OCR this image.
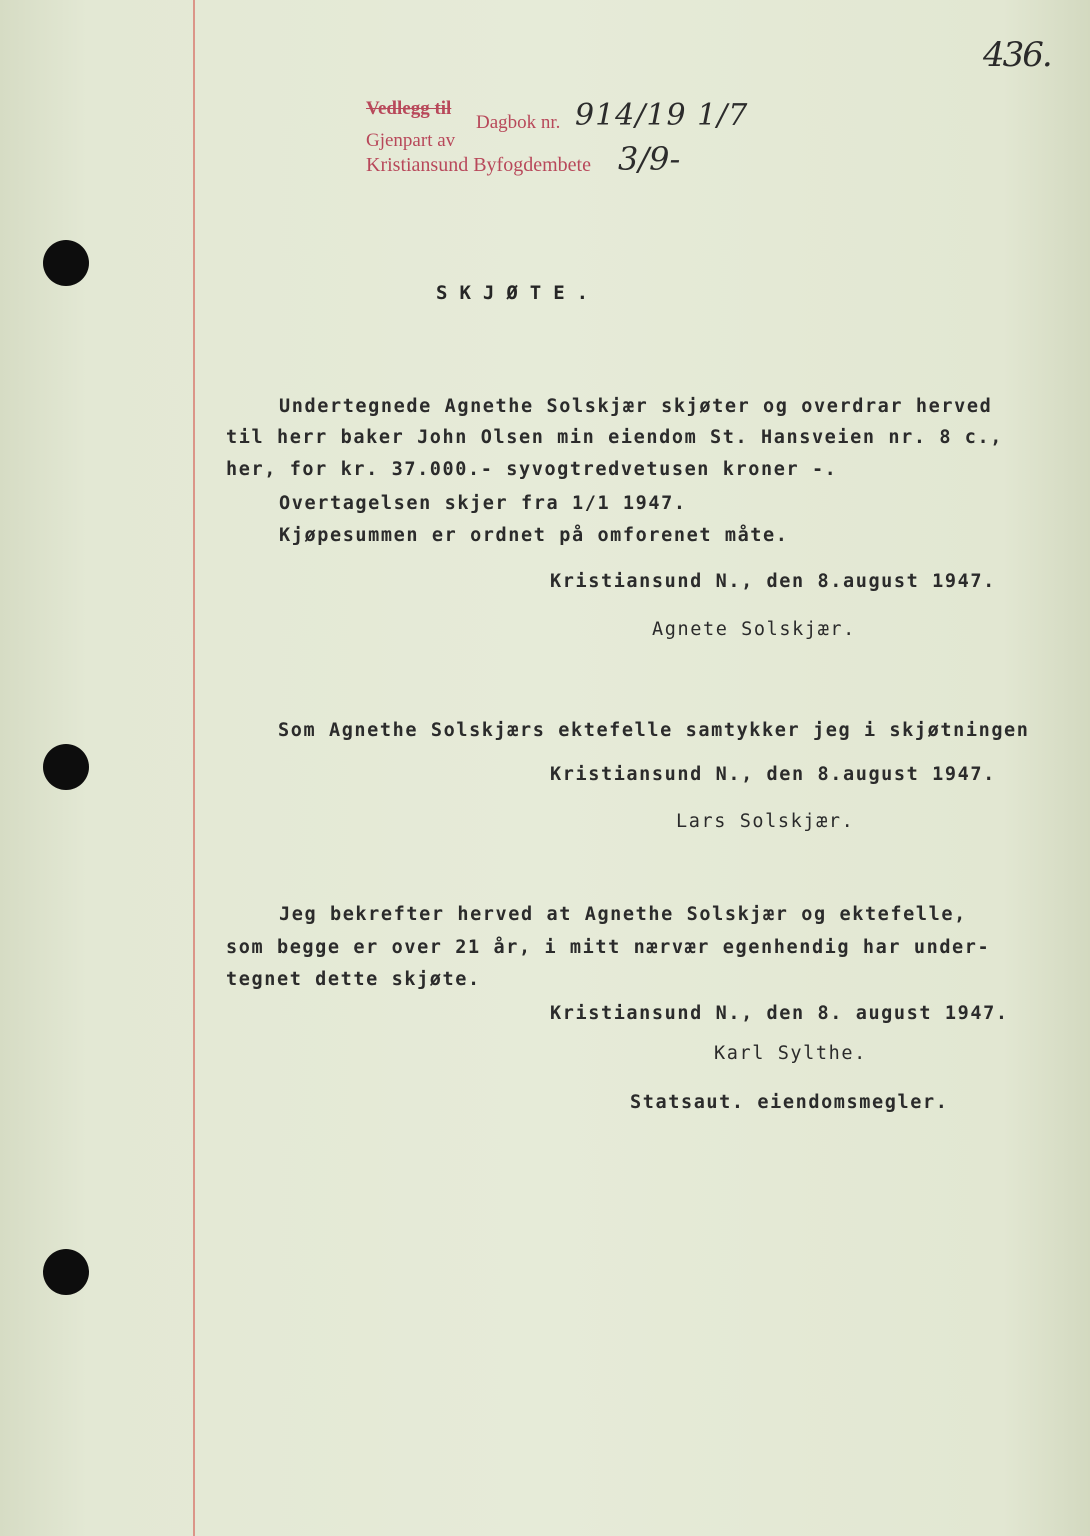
436.
Vedlegg til
Dagbok nr.
Gjenpart av
Kristiansund Byfogdembete
914/19 1/7
3/9-
SKJØTE.
Undertegnede Agnethe Solskjær skjøter og overdrar herved
til herr baker John Olsen min eiendom St. Hansveien nr. 8 c.,
her, for kr. 37.000.- syvogtredvetusen kroner -.
Overtagelsen skjer fra 1/1 1947.
Kjøpesummen er ordnet på omforenet måte.
Kristiansund N., den 8.august 1947.
Agnete Solskjær.
Som Agnethe Solskjærs ektefelle samtykker jeg i skjøtningen
Kristiansund N., den 8.august 1947.
Lars Solskjær.
Jeg bekrefter herved at Agnethe Solskjær og ektefelle,
som begge er over 21 år, i mitt nærvær egenhendig har under-
tegnet dette skjøte.
Kristiansund N., den 8. august 1947.
Karl Sylthe.
Statsaut. eiendomsmegler.
